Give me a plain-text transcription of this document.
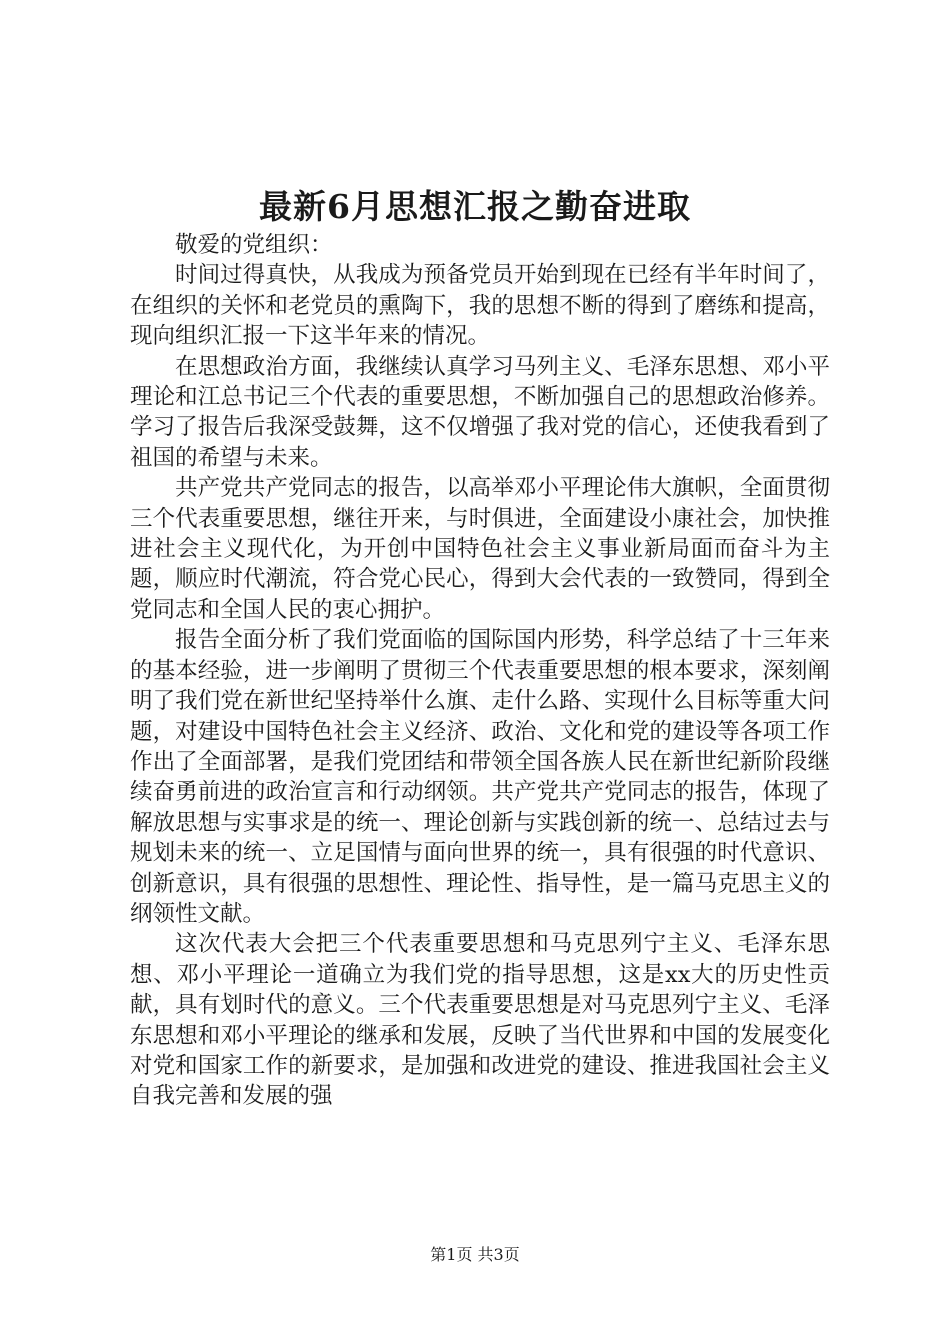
最新6月思想汇报之勤奋进取

敬爱的党组织：

时间过得真快，从我成为预备党员开始到现在已经有半年时间了，在组织的关怀和老党员的熏陶下，我的思想不断的得到了磨练和提高，现向组织汇报一下这半年来的情况。

在思想政治方面，我继续认真学习马列主义、毛泽东思想、邓小平理论和江总书记三个代表的重要思想，不断加强自己的思想政治修养。学习了报告后我深受鼓舞，这不仅增强了我对党的信心，还使我看到了祖国的希望与未来。

共产党共产党同志的报告，以高举邓小平理论伟大旗帜，全面贯彻三个代表重要思想，继往开来，与时俱进，全面建设小康社会，加快推进社会主义现代化，为开创中国特色社会主义事业新局面而奋斗为主题，顺应时代潮流，符合党心民心，得到大会代表的一致赞同，得到全党同志和全国人民的衷心拥护。

报告全面分析了我们党面临的国际国内形势，科学总结了十三年来的基本经验，进一步阐明了贯彻三个代表重要思想的根本要求，深刻阐明了我们党在新世纪坚持举什么旗、走什么路、实现什么目标等重大问题，对建设中国特色社会主义经济、政治、文化和党的建设等各项工作作出了全面部署，是我们党团结和带领全国各族人民在新世纪新阶段继续奋勇前进的政治宣言和行动纲领。共产党共产党同志的报告，体现了解放思想与实事求是的统一、理论创新与实践创新的统一、总结过去与规划未来的统一、立足国情与面向世界的统一，具有很强的时代意识、创新意识，具有很强的思想性、理论性、指导性，是一篇马克思主义的纲领性文献。

这次代表大会把三个代表重要思想和马克思列宁主义、毛泽东思想、邓小平理论一道确立为我们党的指导思想，这是xx大的历史性贡献，具有划时代的意义。三个代表重要思想是对马克思列宁主义、毛泽东思想和邓小平理论的继承和发展，反映了当代世界和中国的发展变化对党和国家工作的新要求，是加强和改进党的建设、推进我国社会主义自我完善和发展的强

第1页 共3页
